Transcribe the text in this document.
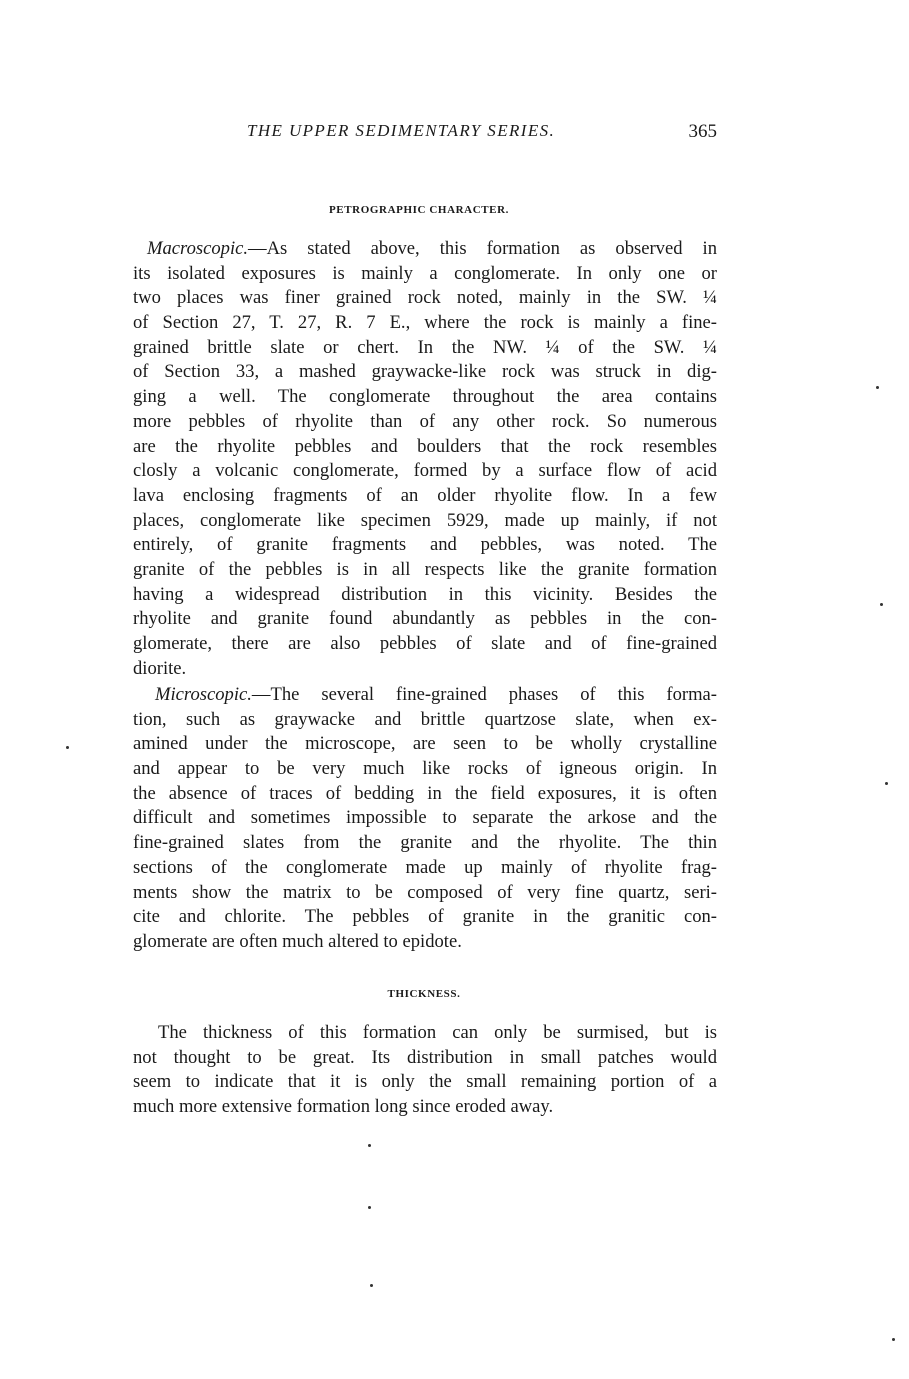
THE UPPER SEDIMENTARY SERIES.	365
PETROGRAPHIC CHARACTER.
Macroscopic.—As stated above, this formation as observed in
its isolated exposures is mainly a conglomerate. In only one or
two places was finer grained rock noted, mainly in the SW. ¼
of Section 27, T. 27, R. 7 E., where the rock is mainly a fine-
grained brittle slate or chert. In the NW. ¼ of the SW. ¼
of Section 33, a mashed graywacke-like rock was struck in dig-
ging a well. The conglomerate throughout the area contains
more pebbles of rhyolite than of any other rock. So numerous
are the rhyolite pebbles and boulders that the rock resembles
closly a volcanic conglomerate, formed by a surface flow of acid
lava enclosing fragments of an older rhyolite flow. In a few
places, conglomerate like specimen 5929, made up mainly, if not
entirely, of granite fragments and pebbles, was noted. The
granite of the pebbles is in all respects like the granite formation
having a widespread distribution in this vicinity. Besides the
rhyolite and granite found abundantly as pebbles in the con-
glomerate, there are also pebbles of slate and of fine-grained
diorite.
Microscopic.—The several fine-grained phases of this forma-
tion, such as graywacke and brittle quartzose slate, when ex-
amined under the microscope, are seen to be wholly crystalline
and appear to be very much like rocks of igneous origin. In
the absence of traces of bedding in the field exposures, it is often
difficult and sometimes impossible to separate the arkose and the
fine-grained slates from the granite and the rhyolite. The thin
sections of the conglomerate made up mainly of rhyolite frag-
ments show the matrix to be composed of very fine quartz, seri-
cite and chlorite. The pebbles of granite in the granitic con-
glomerate are often much altered to epidote.
THICKNESS.
The thickness of this formation can only be surmised, but is
not thought to be great. Its distribution in small patches would
seem to indicate that it is only the small remaining portion of a
much more extensive formation long since eroded away.
